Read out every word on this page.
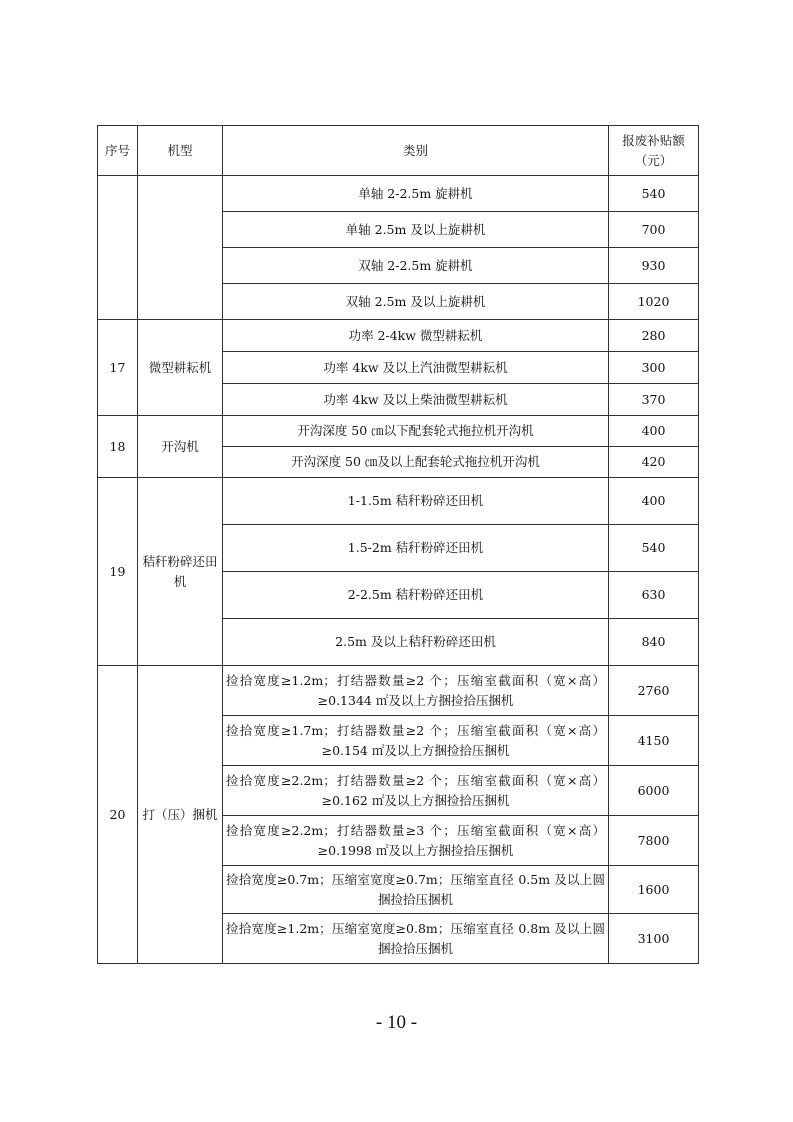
序号	机型	类别	报废补贴额
（元）

		单轴 2-2.5m 旋耕机	540
		单轴 2.5m 及以上旋耕机	700
		双轴 2-2.5m 旋耕机	930
		双轴 2.5m 及以上旋耕机	1020
17	微型耕耘机	功率 2-4kw 微型耕耘机	280
		功率 4kw 及以上汽油微型耕耘机	300
		功率 4kw 及以上柴油微型耕耘机	370
18	开沟机	开沟深度 50 ㎝以下配套轮式拖拉机开沟机	400
		开沟深度 50 ㎝及以上配套轮式拖拉机开沟机	420
19	秸秆粉碎还田机	1-1.5m 秸秆粉碎还田机	400
		1.5-2m 秸秆粉碎还田机	540
		2-2.5m 秸秆粉碎还田机	630
		2.5m 及以上秸秆粉碎还田机	840
20	打（压）捆机	捡拾宽度≥1.2m；打结器数量≥2 个；压缩室截面积（宽×高）≥0.1344 ㎡及以上方捆捡拾压捆机	2760
		捡拾宽度≥1.7m；打结器数量≥2 个；压缩室截面积（宽×高）≥0.154 ㎡及以上方捆捡拾压捆机	4150
		捡拾宽度≥2.2m；打结器数量≥2 个；压缩室截面积（宽×高）≥0.162 ㎡及以上方捆捡拾压捆机	6000
		捡拾宽度≥2.2m；打结器数量≥3 个；压缩室截面积（宽×高）≥0.1998 ㎡及以上方捆捡拾压捆机	7800
		捡拾宽度≥0.7m；压缩室宽度≥0.7m；压缩室直径 0.5m 及以上圆捆捡拾压捆机	1600
		捡拾宽度≥1.2m；压缩室宽度≥0.8m；压缩室直径 0.8m 及以上圆捆捡拾压捆机	3100
- 10 -
